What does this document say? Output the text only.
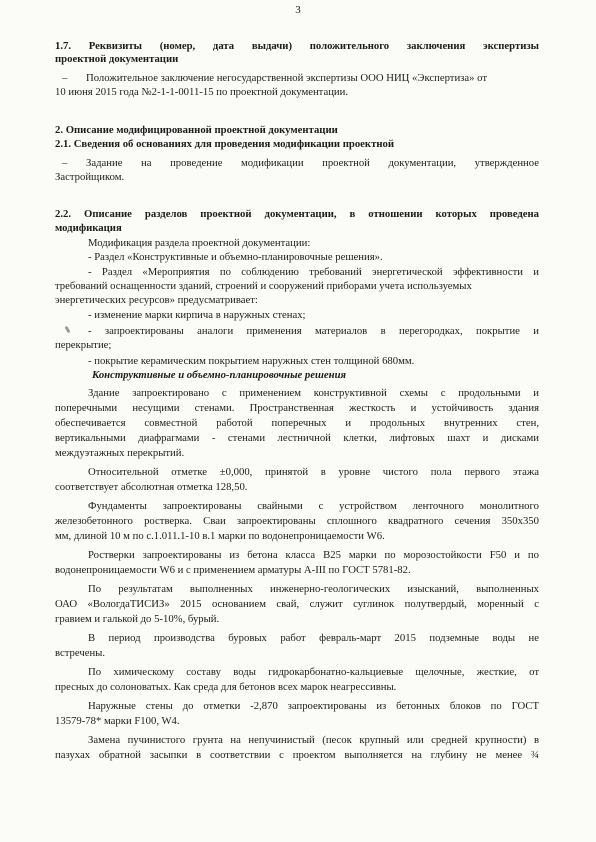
3
1.7. Реквизиты (номер, дата выдачи) положительного заключения экспертизы
проектной документации
– Положительное заключение негосударственной экспертизы ООО НИЦ «Экспертиза» от
10 июня 2015 года №2-1-1-0011-15 по проектной документации.
2. Описание модифицированной проектной документации
2.1. Сведения об основаниях для проведения модификации проектной
– Задание на проведение модификации проектной документации, утвержденное
Застройщиком.
2.2. Описание разделов проектной документации, в отношении которых проведена
модификация
Модификация раздела проектной документации:
- Раздел «Конструктивные и объемно-планировочные решения».
- Раздел «Мероприятия по соблюдению требований энергетической эффективности и
требований оснащенности зданий, строений и сооружений приборами учета используемых
энергетических ресурсов» предусматривает:
- изменение марки кирпича в наружных стенах;
- запроектированы аналоги применения материалов в перегородках, покрытие и
перекрытие;
- покрытие керамическим покрытием наружных стен толщиной 680мм.
Конструктивные и объемно-планировочные решения
Здание запроектировано с применением конструктивной схемы с продольными и
поперечными несущими стенами. Пространственная жесткость и устойчивость здания
обеспечивается совместной работой поперечных и продольных внутренних стен,
вертикальными диафрагмами - стенами лестничной клетки, лифтовых шахт и дисками
междуэтажных перекрытий.
Относительной отметке ±0,000, принятой в уровне чистого пола первого этажа
соответствует абсолютная отметка 128,50.
Фундаменты запроектированы свайными с устройством ленточного монолитного
железобетонного ростверка. Сваи запроектированы сплошного квадратного сечения 350х350
мм, длиной 10 м по с.1.011.1-10 в.1 марки по водонепроницаемости W6.
Ростверки запроектированы из бетона класса В25 марки по морозостойкости F50 и по
водонепроницаемости W6 и с применением арматуры А-III по ГОСТ 5781-82.
По результатам выполненных инженерно-геологических изысканий, выполненных
ОАО «ВологдаТИСИЗ» 2015 основанием свай, служит суглинок полутвердый, моренный с
гравием и галькой до 5-10%, бурый.
В период производства буровых работ февраль-март 2015 подземные воды не
встречены.
По химическому составу воды гидрокарбонатно-кальциевые щелочные, жесткие, от
пресных до солоноватых. Как среда для бетонов всех марок неагрессивны.
Наружные стены до отметки -2,870 запроектированы из бетонных блоков по ГОСТ
13579-78* марки F100, W4.
Замена пучинистого грунта на непучинистый (песок крупный или средней крупности) в
пазухах обратной засыпки в соответствии с проектом выполняется на глубину не менее ¾
